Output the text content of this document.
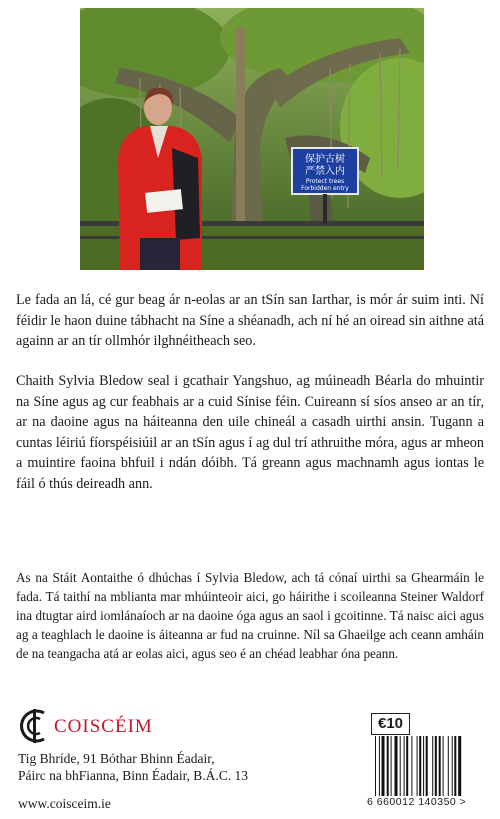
保护古树
严禁入内
Protect trees
Forbidden entry

Le fada an lá, cé gur beag ár n-eolas ar an tSín san Iarthar, is mór ár suim inti. Ní féidir le haon duine tábhacht na Síne a shéanadh, ach ní hé an oiread sin aithne atá againn ar an tír ollmhór ilghnéitheach seo.

Chaith Sylvia Bledow seal i gcathair Yangshuo, ag múineadh Béarla do mhuintir na Síne agus ag cur feabhais ar a cuid Sínise féin. Cuireann sí síos anseo ar an tír, ar na daoine agus na háiteanna den uile chineál a casadh uirthi ansin. Tugann a cuntas léiriú fíorspéisiúil ar an tSín agus í ag dul trí athruithe móra, agus ar mheon a muintire faoina bhfuil i ndán dóibh. Tá greann agus machnamh agus iontas le fáil ó thús deireadh ann.

As na Stáit Aontaithe ó dhúchas í Sylvia Bledow, ach tá cónaí uirthi sa Ghearmáin le fada. Tá taithí na mblianta mar mhúinteoir aici, go háirithe i scoileanna Steiner Waldorf ina dtugtar aird iomlánaíoch ar na daoine óga agus an saol i gcoitinne. Tá naisc aici agus ag a teaghlach le daoine is áiteanna ar fud na cruinne. Níl sa Ghaeilge ach ceann amháin de na teangacha atá ar eolas aici, agus seo é an chéad leabhar óna peann.

COISCÉIM
Tig Bhríde, 91 Bóthar Bhinn Éadair,
Páirc na bhFianna, Binn Éadair, B.Á.C. 13
www.coisceim.ie
€10
6 660012 140350 >
